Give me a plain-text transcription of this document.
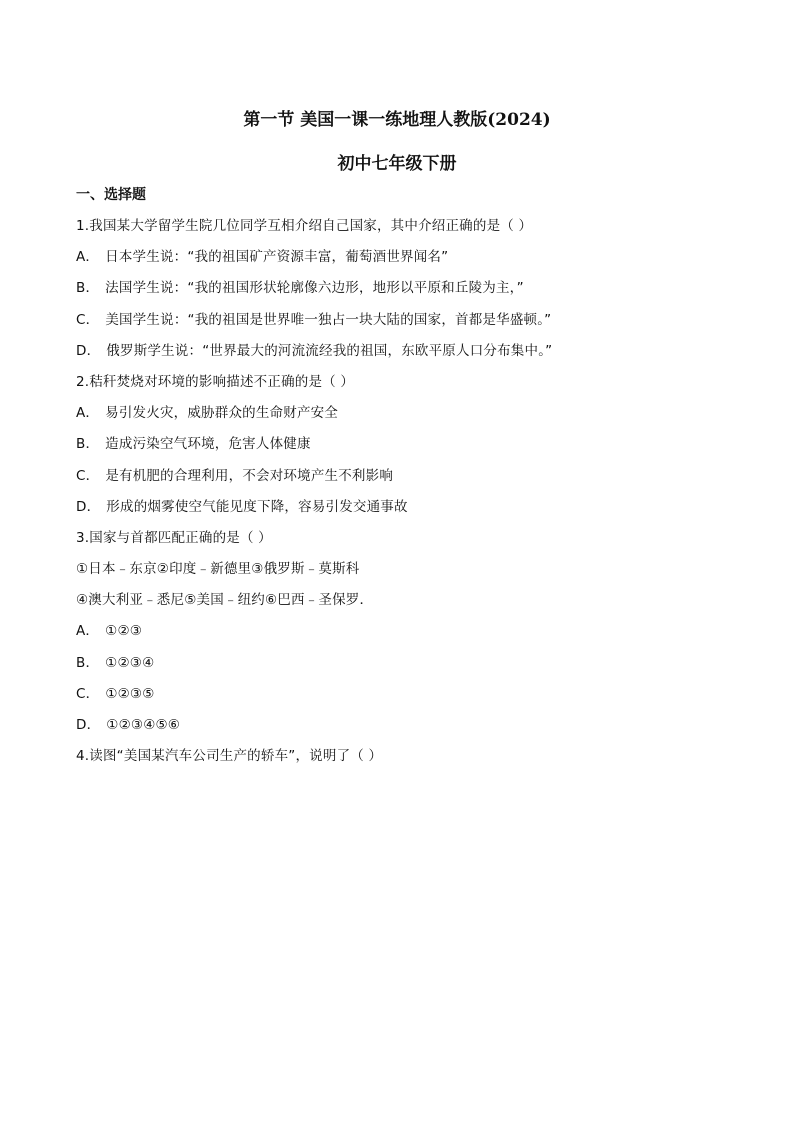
第一节 美国一课一练地理人教版(2024)
初中七年级下册
一、选择题
1.我国某大学留学生院几位同学互相介绍自己国家，其中介绍正确的是（ ）
A． 日本学生说：“我的祖国矿产资源丰富，葡萄酒世界闻名”
B． 法国学生说：“我的祖国形状轮廓像六边形，地形以平原和丘陵为主，”
C． 美国学生说：“我的祖国是世界唯一独占一块大陆的国家，首都是华盛顿。”
D． 俄罗斯学生说：“世界最大的河流流经我的祖国，东欧平原人口分布集中。”
2.秸秆焚烧对环境的影响描述不正确的是（ ）
A． 易引发火灾，威胁群众的生命财产安全
B． 造成污染空气环境，危害人体健康
C． 是有机肥的合理利用，不会对环境产生不利影响
D． 形成的烟雾使空气能见度下降，容易引发交通事故
3.国家与首都匹配正确的是（ ）
①日本﹣东京②印度﹣新德里③俄罗斯﹣莫斯科
④澳大利亚﹣悉尼⑤美国﹣纽约⑥巴西﹣圣保罗．
A． ①②③
B． ①②③④
C． ①②③⑤
D． ①②③④⑤⑥
4.读图“美国某汽车公司生产的轿车”，说明了（ ）
